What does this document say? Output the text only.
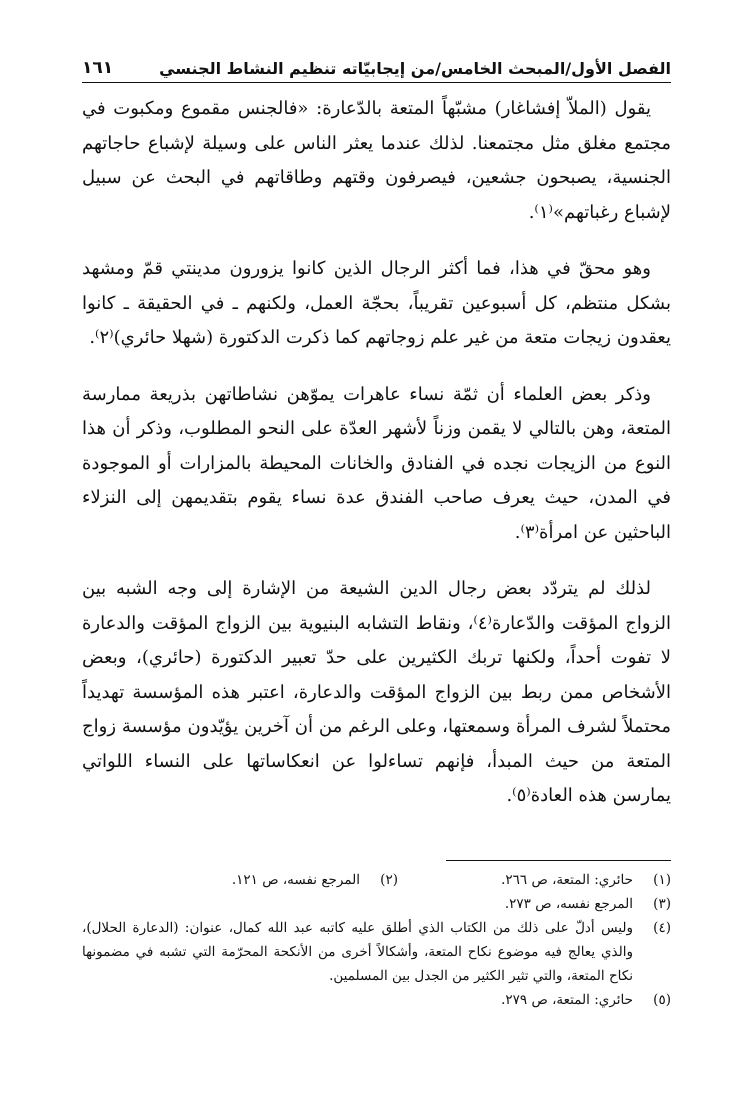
الفصل الأول/المبحث الخامس/من إيجابيّاته تنظيم النشاط الجنسي
١٦١

يقول (الملاّ إفشاغار) مشبّهاً المتعة بالدّعارة: «فالجنس مقموع ومكبوت في مجتمع مغلق مثل مجتمعنا. لذلك عندما يعثر الناس على وسيلة لإشباع حاجاتهم الجنسية، يصبحون جشعين، فيصرفون وقتهم وطاقاتهم في البحث عن سبيل لإشباع رغباتهم»⁽١⁾.

وهو محقّ في هذا، فما أكثر الرجال الذين كانوا يزورون مدينتي قمّ ومشهد بشكل منتظم، كل أسبوعين تقريباً، بحجّة العمل، ولكنهم ـ في الحقيقة ـ كانوا يعقدون زيجات متعة من غير علم زوجاتهم كما ذكرت الدكتورة (شهلا حائري)⁽٢⁾.

وذكر بعض العلماء أن ثمّة نساء عاهرات يموّهن نشاطاتهن بذريعة ممارسة المتعة، وهن بالتالي لا يقمن وزناً لأشهر العدّة على النحو المطلوب، وذكر أن هذا النوع من الزيجات نجده في الفنادق والخانات المحيطة بالمزارات أو الموجودة في المدن، حيث يعرف صاحب الفندق عدة نساء يقوم بتقديمهن إلى النزلاء الباحثين عن امرأة⁽٣⁾.

لذلك لم يتردّد بعض رجال الدين الشيعة من الإشارة إلى وجه الشبه بين الزواج المؤقت والدّعارة⁽٤⁾، ونقاط التشابه البنيوية بين الزواج المؤقت والدعارة لا تفوت أحداً، ولكنها تربك الكثيرين على حدّ تعبير الدكتورة (حائري)، وبعض الأشخاص ممن ربط بين الزواج المؤقت والدعارة، اعتبر هذه المؤسسة تهديداً محتملاً لشرف المرأة وسمعتها، وعلى الرغم من أن آخرين يؤيّدون مؤسسة زواج المتعة من حيث المبدأ، فإنهم تساءلوا عن انعكاساتها على النساء اللواتي يمارسن هذه العادة⁽٥⁾.

(١)
حائري: المتعة، ص ٢٦٦.
(٢)
المرجع نفسه، ص ١٢١.
(٣)
المرجع نفسه، ص ٢٧٣.
(٤)
وليس أدلّ على ذلك من الكتاب الذي أطلق عليه كاتبه عبد الله كمال، عنوان: (الدعارة الحلال)، والذي يعالج فيه موضوع نكاح المتعة، وأشكالاً أخرى من الأنكحة المحرّمة التي تشبه في مضمونها نكاح المتعة، والتي تثير الكثير من الجدل بين المسلمين.
(٥)
حائري: المتعة، ص ٢٧٩.
